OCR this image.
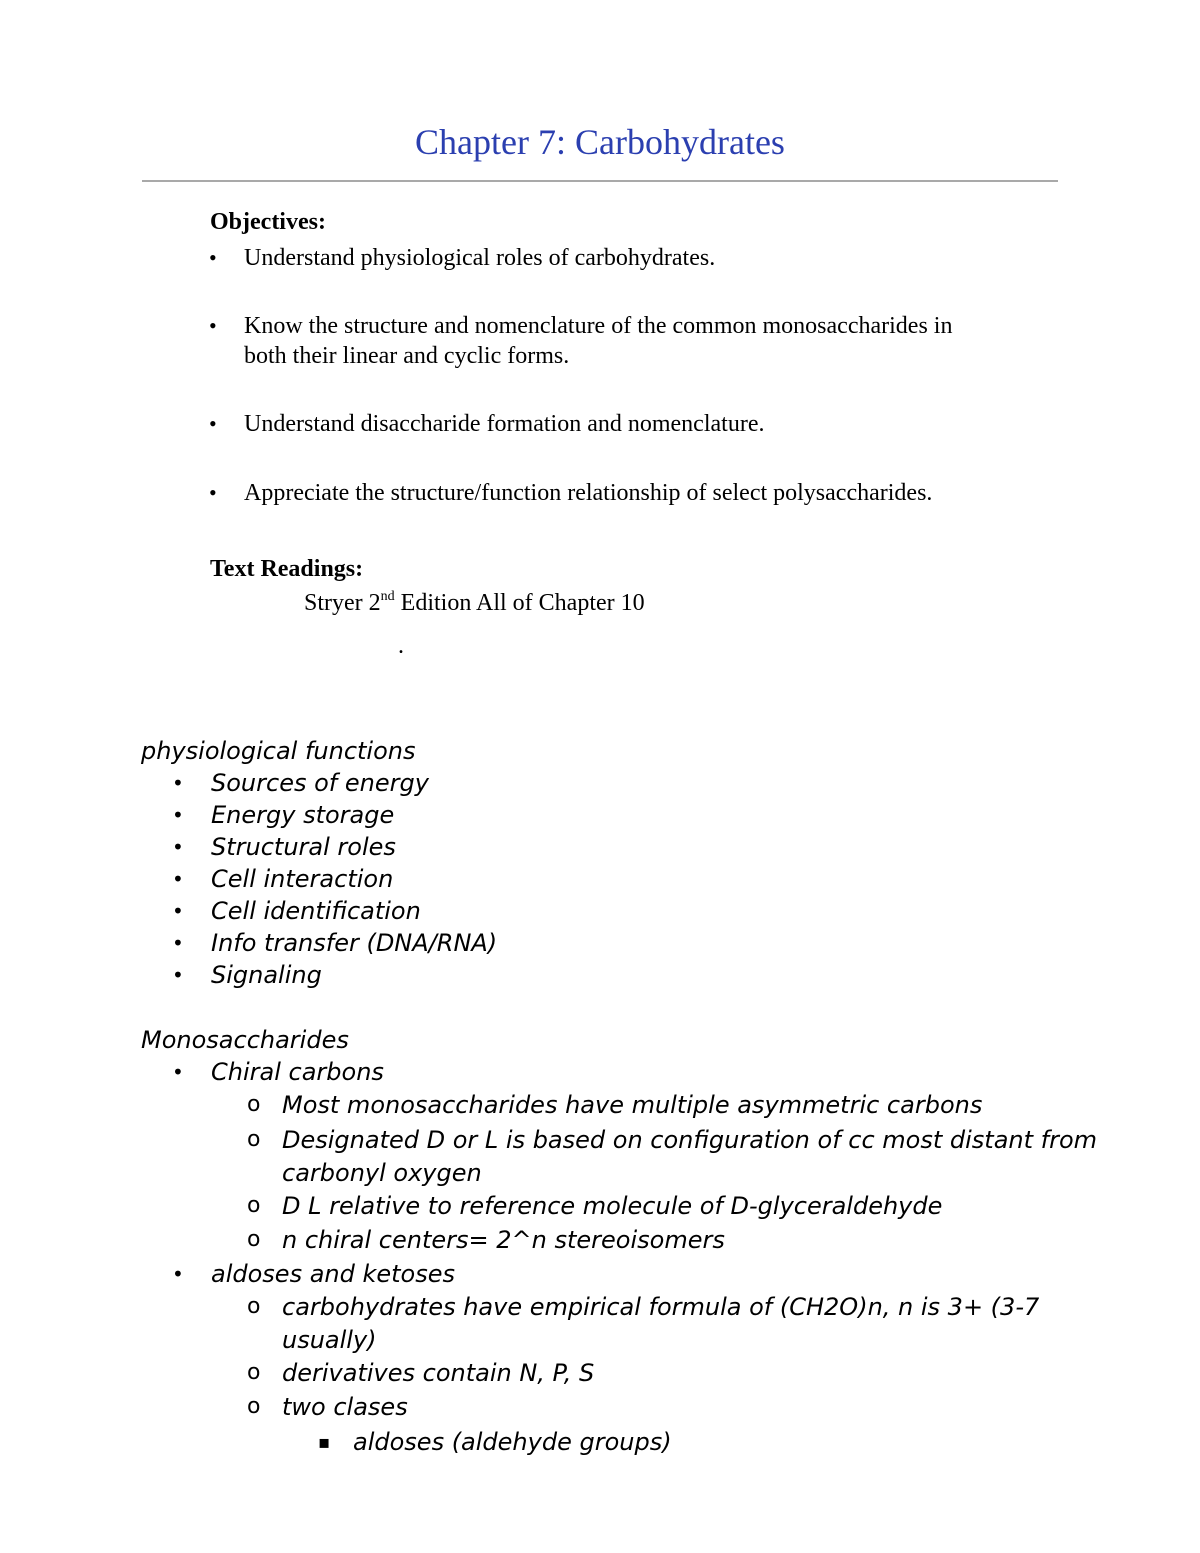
Chapter 7: Carbohydrates
Objectives:
• Understand physiological roles of carbohydrates.
• Know the structure and nomenclature of the common monosaccharides in
both their linear and cyclic forms.
• Understand disaccharide formation and nomenclature.
• Appreciate the structure/function relationship of select polysaccharides.
Text Readings:
Stryer 2nd Edition All of Chapter 10
.
physiological functions
• Sources of energy
• Energy storage
• Structural roles
• Cell interaction
• Cell identification
• Info transfer (DNA/RNA)
• Signaling
Monosaccharides
• Chiral carbons
o Most monosaccharides have multiple asymmetric carbons
o Designated D or L is based on configuration of cc most distant from
carbonyl oxygen
o D L relative to reference molecule of D-glyceraldehyde
o n chiral centers= 2^n stereoisomers
• aldoses and ketoses
o carbohydrates have empirical formula of (CH2O)n, n is 3+ (3-7
usually)
o derivatives contain N, P, S
o two clases
▪ aldoses (aldehyde groups)
